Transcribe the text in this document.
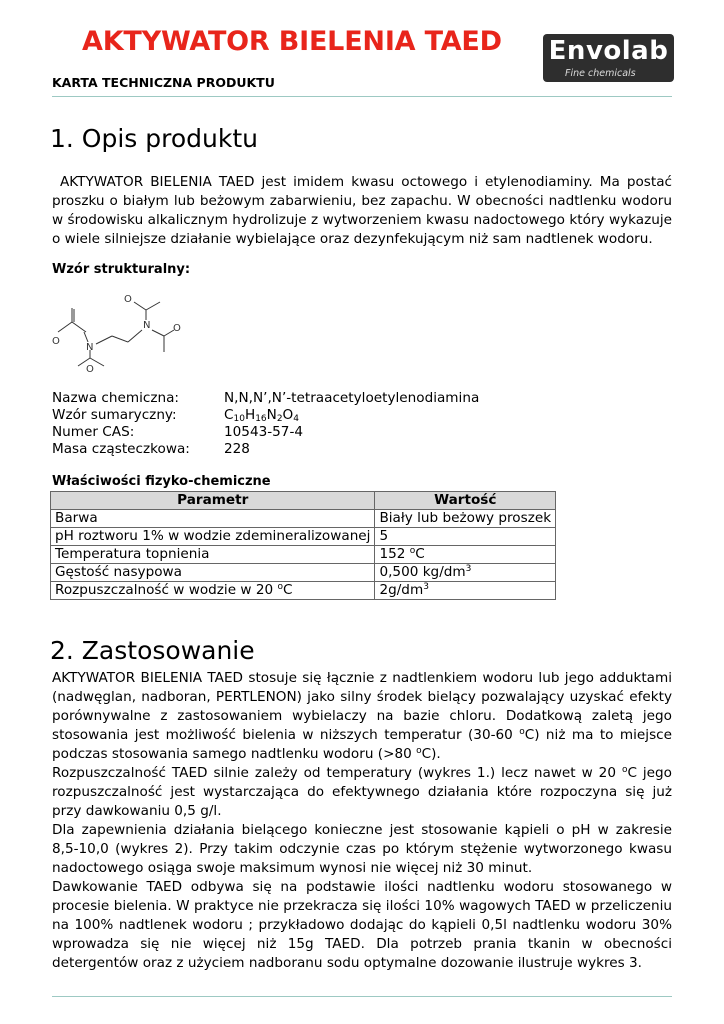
AKTYWATOR BIELENIA TAED
KARTA TECHNICZNA PRODUKTU
Envolab
Fine chemicals
1. Opis produktu
AKTYWATOR BIELENIA TAED jest imidem kwasu octowego i etylenodiaminy. Ma postać proszku o białym lub beżowym zabarwieniu, bez zapachu. W obecności nadtlenku wodoru w środowisku alkalicznym hydrolizuje z wytworzeniem kwasu nadoctowego który wykazuje o wiele silniejsze działanie wybielające oraz dezynfekującym niż sam nadtlenek wodoru.
Wzór strukturalny:
O
N O
O
N
O
Nazwa chemiczna:	N,N,N’,N’-tetraacetyloetylenodiamina
Wzór sumaryczny:	$C_{10}H_{16}N_2O_4$
Numer CAS:	10543-57-4
Masa cząsteczkowa:	228
Właściwości fizyko-chemiczne
Parametr	Wartość
Barwa	Biały lub beżowy proszek
pH roztworu 1% w wodzie zdemineralizowanej	5
Temperatura topnienia	152 $^o$C
Gęstość nasypowa	0,500 $kg/dm^3$
Rozpuszczalność w wodzie w 20 $^o$C	$2g/dm^3$
2. Zastosowanie
AKTYWATOR BIELENIA TAED stosuje się łącznie z nadtlenkiem wodoru lub jego adduktami (nadwęglan, nadboran, PERTLENON) jako silny środek bielący pozwalający uzyskać efekty porównywalne z zastosowaniem wybielaczy na bazie chloru. Dodatkową zaletą jego stosowania jest możliwość bielenia w niższych temperatur (30-60 $^o$C) niż ma to miejsce podczas stosowania samego nadtlenku wodoru (>80 $^o$C).
Rozpuszczalność TAED silnie zależy od temperatury (wykres 1.) lecz nawet w 20 $^o$C jego rozpuszczalność jest wystarczająca do efektywnego działania które rozpoczyna się już przy dawkowaniu 0,5 g/l.
Dla zapewnienia działania bielącego konieczne jest stosowanie kąpieli o pH w zakresie 8,5-10,0 (wykres 2). Przy takim odczynie czas po którym stężenie wytworzonego kwasu nadoctowego osiąga swoje maksimum wynosi nie więcej niż 30 minut.
Dawkowanie TAED odbywa się na podstawie ilości nadtlenku wodoru stosowanego w procesie bielenia. W praktyce nie przekracza się ilości 10% wagowych TAED w przeliczeniu na 100% nadtlenek wodoru ; przykładowo dodając do kąpieli 0,5l nadtlenku wodoru 30% wprowadza się nie więcej niż 15g TAED. Dla potrzeb prania tkanin w obecności detergentów oraz z użyciem nadboranu sodu optymalne dozowanie ilustruje wykres 3.
